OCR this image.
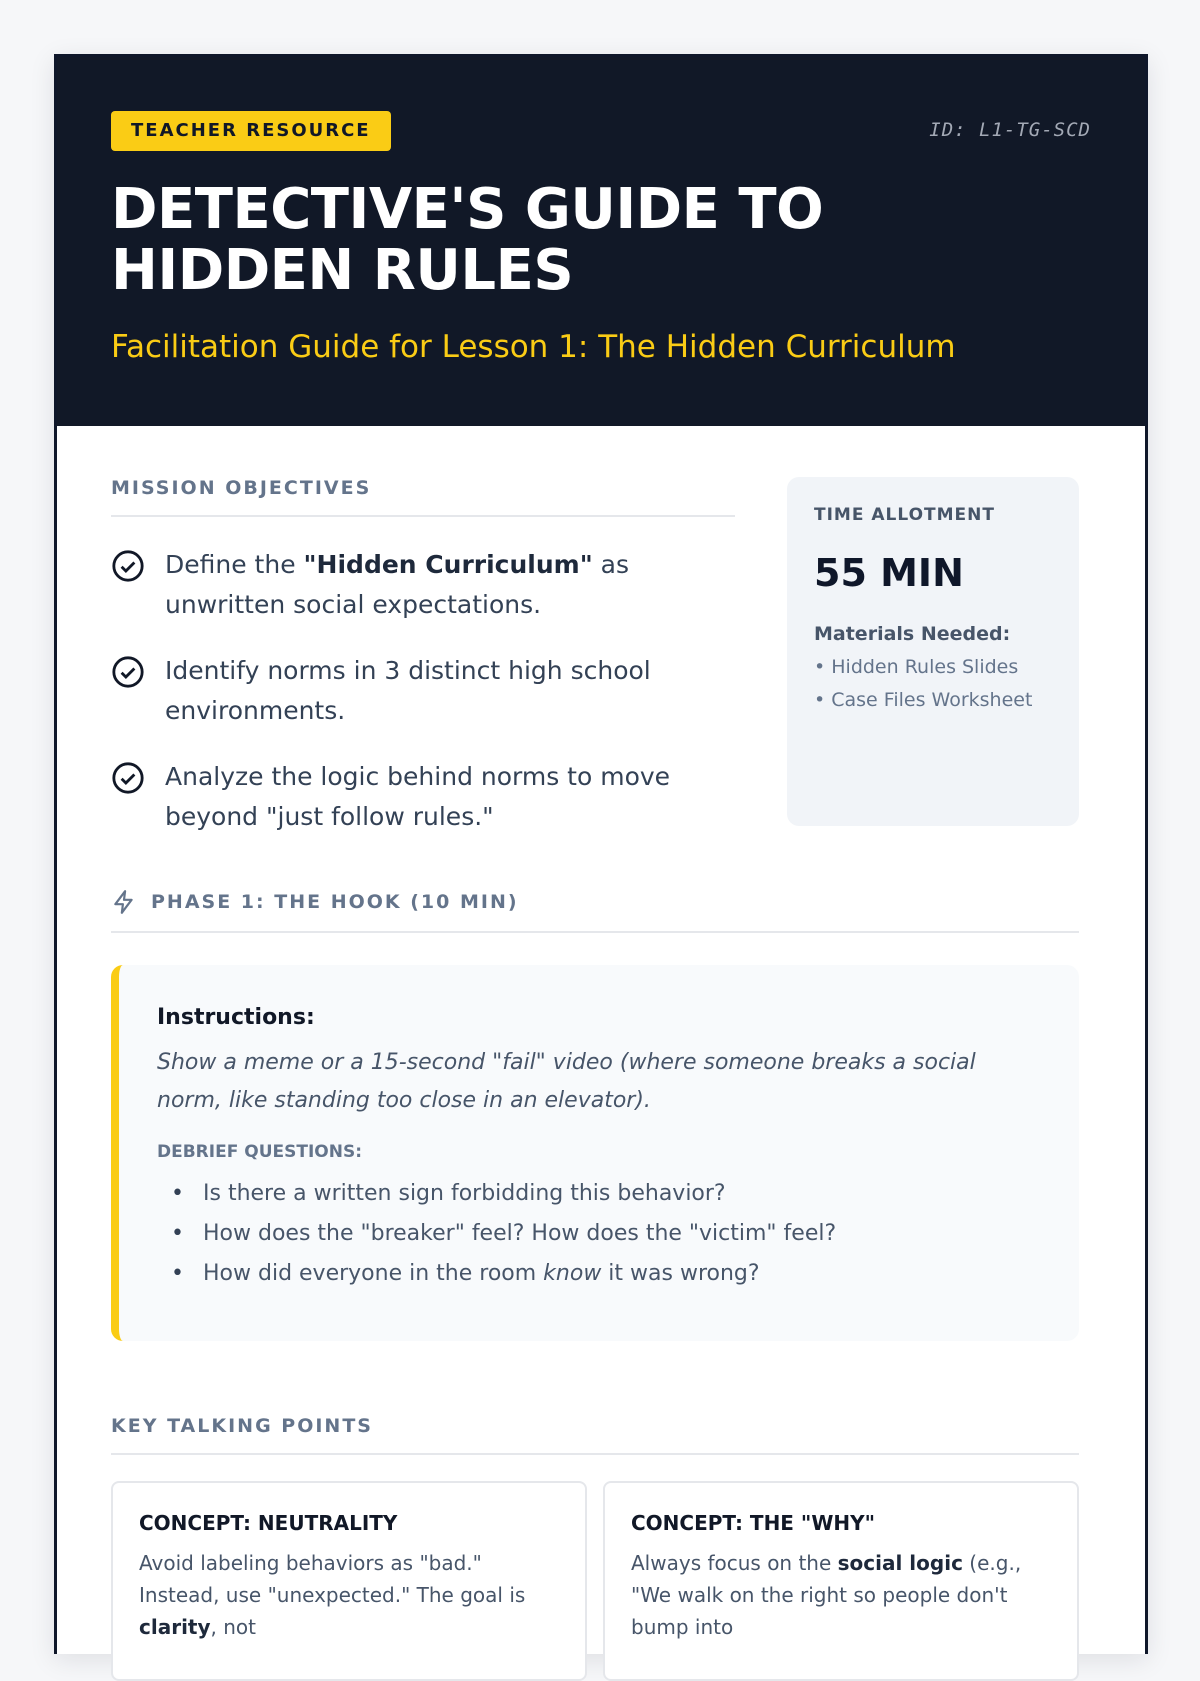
TEACHER RESOURCE	ID: L1-TG-SCD
DETECTIVE'S GUIDE TO
HIDDEN RULES
Facilitation Guide for Lesson 1: The Hidden Curriculum
MISSION OBJECTIVES
Define the "Hidden Curriculum" as unwritten social expectations.
Identify norms in 3 distinct high school environments.
Analyze the logic behind norms to move beyond "just follow rules."
TIME ALLOTMENT
55 MIN
Materials Needed:
• Hidden Rules Slides
• Case Files Worksheet
PHASE 1: THE HOOK (10 MIN)
Instructions:
Show a meme or a 15-second "fail" video (where someone breaks a social norm, like standing too close in an elevator).
DEBRIEF QUESTIONS:
• Is there a written sign forbidding this behavior?
• How does the "breaker" feel? How does the "victim" feel?
• How did everyone in the room know it was wrong?
KEY TALKING POINTS
CONCEPT: NEUTRALITY
Avoid labeling behaviors as "bad." Instead, use "unexpected." The goal is clarity, not
CONCEPT: THE "WHY"
Always focus on the social logic (e.g., "We walk on the right so people don't bump into
